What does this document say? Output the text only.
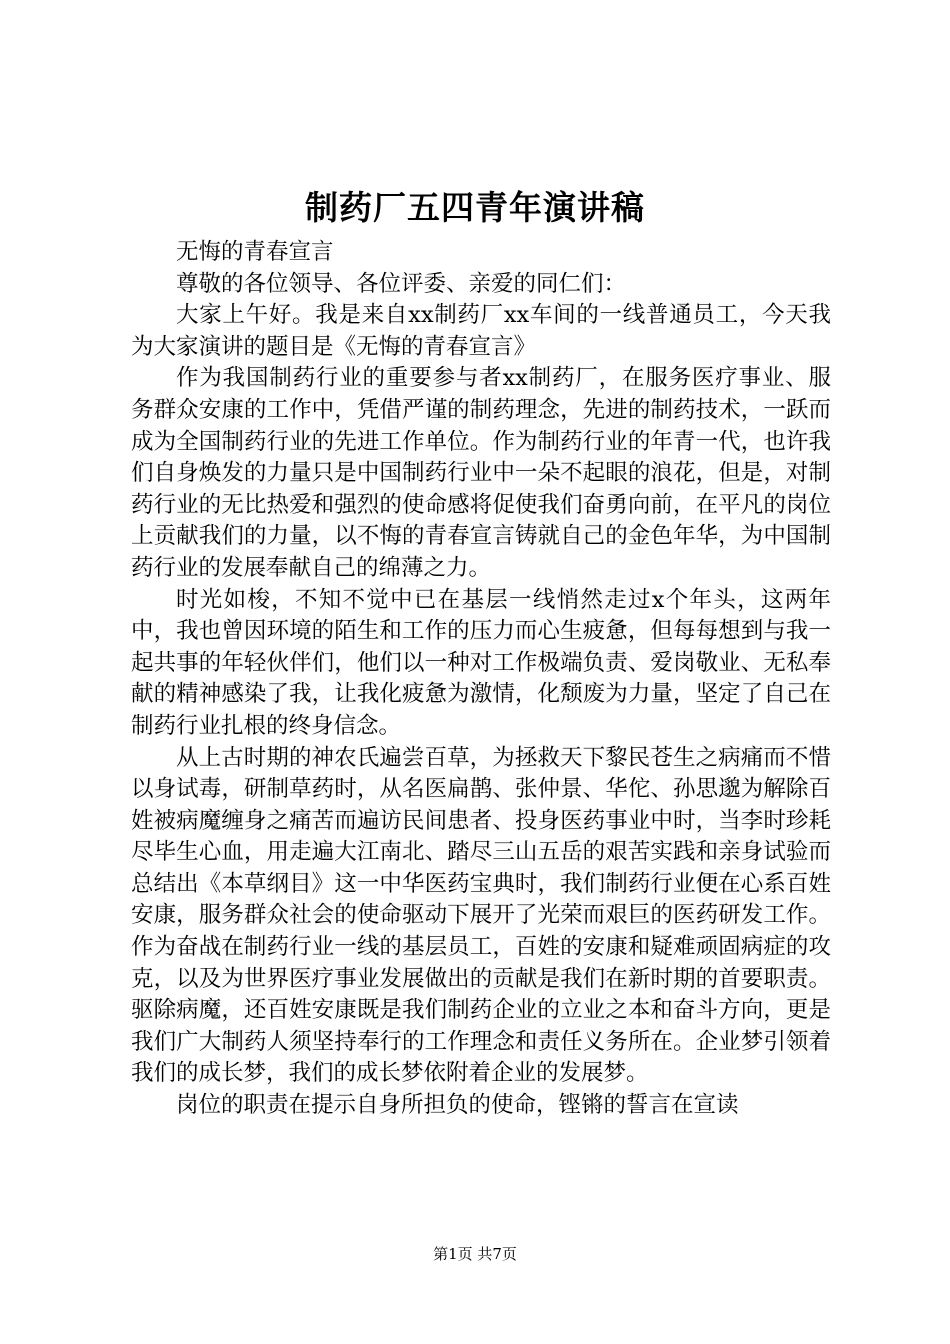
制药厂五四青年演讲稿

无悔的青春宣言

尊敬的各位领导、各位评委、亲爱的同仁们：

大家上午好。我是来自xx制药厂xx车间的一线普通员工，今天我为大家演讲的题目是《无悔的青春宣言》

作为我国制药行业的重要参与者xx制药厂，在服务医疗事业、服务群众安康的工作中，凭借严谨的制药理念，先进的制药技术，一跃而成为全国制药行业的先进工作单位。作为制药行业的年青一代，也许我们自身焕发的力量只是中国制药行业中一朵不起眼的浪花，但是，对制药行业的无比热爱和强烈的使命感将促使我们奋勇向前，在平凡的岗位上贡献我们的力量，以不悔的青春宣言铸就自己的金色年华，为中国制药行业的发展奉献自己的绵薄之力。

时光如梭，不知不觉中已在基层一线悄然走过x个年头，这两年中，我也曾因环境的陌生和工作的压力而心生疲惫，但每每想到与我一起共事的年轻伙伴们，他们以一种对工作极端负责、爱岗敬业、无私奉献的精神感染了我，让我化疲惫为激情，化颓废为力量，坚定了自己在制药行业扎根的终身信念。

从上古时期的神农氏遍尝百草，为拯救天下黎民苍生之病痛而不惜以身试毒，研制草药时，从名医扁鹊、张仲景、华佗、孙思邈为解除百姓被病魔缠身之痛苦而遍访民间患者、投身医药事业中时，当李时珍耗尽毕生心血，用走遍大江南北、踏尽三山五岳的艰苦实践和亲身试验而总结出《本草纲目》这一中华医药宝典时，我们制药行业便在心系百姓安康，服务群众社会的使命驱动下展开了光荣而艰巨的医药研发工作。作为奋战在制药行业一线的基层员工，百姓的安康和疑难顽固病症的攻克，以及为世界医疗事业发展做出的贡献是我们在新时期的首要职责。驱除病魔，还百姓安康既是我们制药企业的立业之本和奋斗方向，更是我们广大制药人须坚持奉行的工作理念和责任义务所在。企业梦引领着我们的成长梦，我们的成长梦依附着企业的发展梦。

岗位的职责在提示自身所担负的使命，铿锵的誓言在宣读

第1页 共7页
